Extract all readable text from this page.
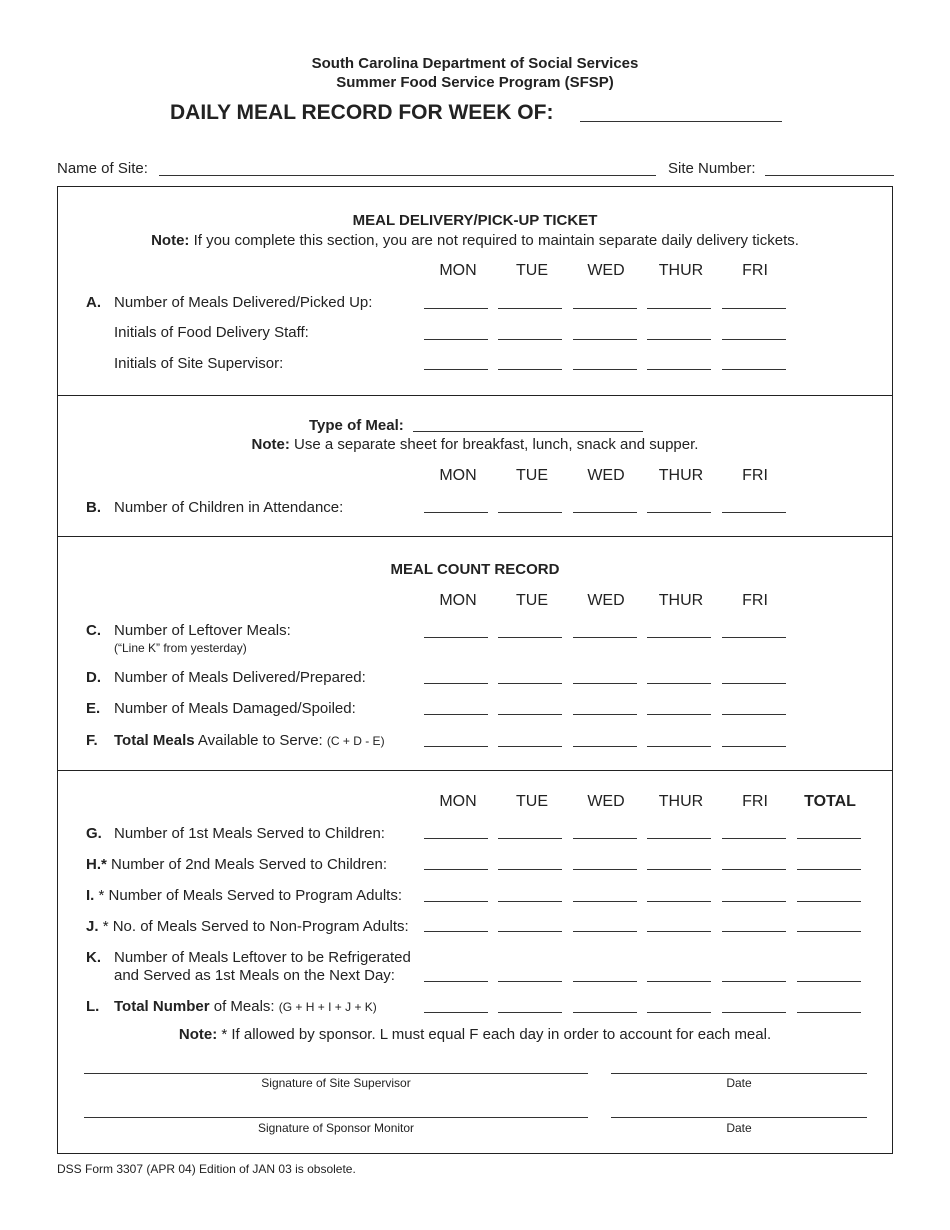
South Carolina Department of Social Services
Summer Food Service Program (SFSP)
DAILY MEAL RECORD FOR WEEK OF:
Name of Site:	Site Number:
MEAL DELIVERY/PICK-UP TICKET
Note: If you complete this section, you are not required to maintain separate daily delivery tickets.
MON	TUE	WED	THUR	FRI
A. Number of Meals Delivered/Picked Up:
Initials of Food Delivery Staff:
Initials of Site Supervisor:
Type of Meal:
Note: Use a separate sheet for breakfast, lunch, snack and supper.
MON	TUE	WED	THUR	FRI
B. Number of Children in Attendance:
MEAL COUNT RECORD
MON	TUE	WED	THUR	FRI
C. Number of Leftover Meals:
(“Line K” from yesterday)
D. Number of Meals Delivered/Prepared:
E. Number of Meals Damaged/Spoiled:
F. Total Meals Available to Serve: (C + D - E)
MON	TUE	WED	THUR	FRI	TOTAL
G. Number of 1st Meals Served to Children:
H.* Number of 2nd Meals Served to Children:
I. * Number of Meals Served to Program Adults:
J. * No. of Meals Served to Non-Program Adults:
K. Number of Meals Leftover to be Refrigerated
and Served as 1st Meals on the Next Day:
L. Total Number of Meals: (G + H + I + J + K)
Note: * If allowed by sponsor. L must equal F each day in order to account for each meal.
Signature of Site Supervisor	Date
Signature of Sponsor Monitor	Date
DSS Form 3307 (APR 04) Edition of JAN 03 is obsolete.
